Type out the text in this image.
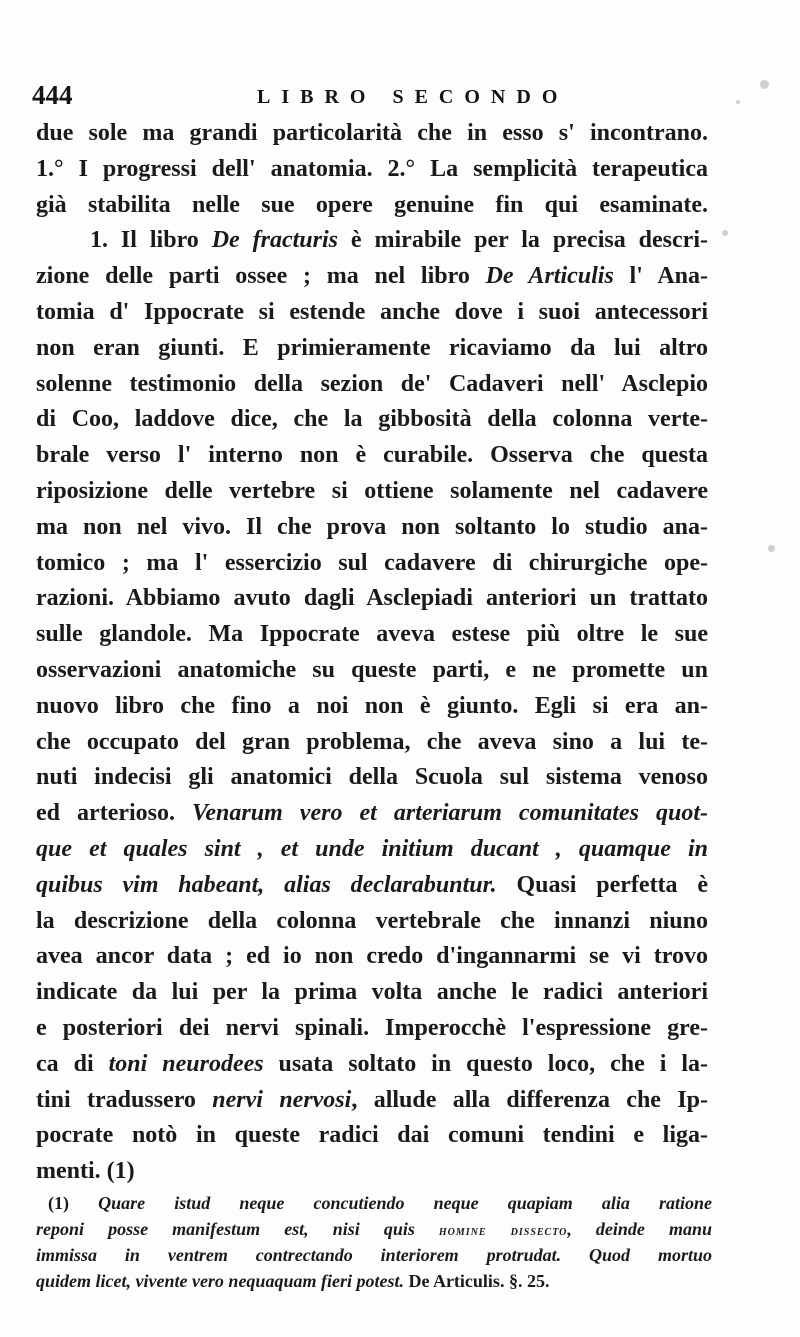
444	LIBRO SECONDO
due sole ma grandi particolarità che in esso s' incontrano.
1.° I progressi dell' anatomia. 2.° La semplicità terapeutica
già stabilita nelle sue opere genuine fin qui esaminate.
1. Il libro De fracturis è mirabile per la precisa descri-
zione delle parti ossee ; ma nel libro De Articulis l' Ana-
tomia d' Ippocrate si estende anche dove i suoi antecessori
non eran giunti. E primieramente ricaviamo da lui altro
solenne testimonio della sezion de' Cadaveri nell' Asclepio
di Coo, laddove dice, che la gibbosità della colonna verte-
brale verso l' interno non è curabile. Osserva che questa
riposizione delle vertebre si ottiene solamente nel cadavere
ma non nel vivo. Il che prova non soltanto lo studio ana-
tomico ; ma l' essercizio sul cadavere di chirurgiche ope-
razioni. Abbiamo avuto dagli Asclepiadi anteriori un trattato
sulle glandole. Ma Ippocrate aveva estese più oltre le sue
osservazioni anatomiche su queste parti, e ne promette un
nuovo libro che fino a noi non è giunto. Egli si era an-
che occupato del gran problema, che aveva sino a lui te-
nuti indecisi gli anatomici della Scuola sul sistema venoso
ed arterioso. Venarum vero et arteriarum comunitates quot-
que et quales sint , et unde initium ducant , quamque in
quibus vim habeant, alias declarabuntur. Quasi perfetta è
la descrizione della colonna vertebrale che innanzi niuno
avea ancor data ; ed io non credo d'ingannarmi se vi trovo
indicate da lui per la prima volta anche le radici anteriori
e posteriori dei nervi spinali. Imperocchè l'espressione gre-
ca di toni neurodees usata soltato in questo loco, che i la-
tini tradussero nervi nervosi, allude alla differenza che Ip-
pocrate notò in queste radici dai comuni tendini e liga-
menti. (1)
(1) Quare istud neque concutiendo neque quapiam alia ratione
reponi posse manifestum est, nisi quis homine dissecto, deinde manu
immissa in ventrem contrectando interiorem protrudat. Quod mortuo
quidem licet, vivente vero nequaquam fieri potest. De Articulis. §. 25.
